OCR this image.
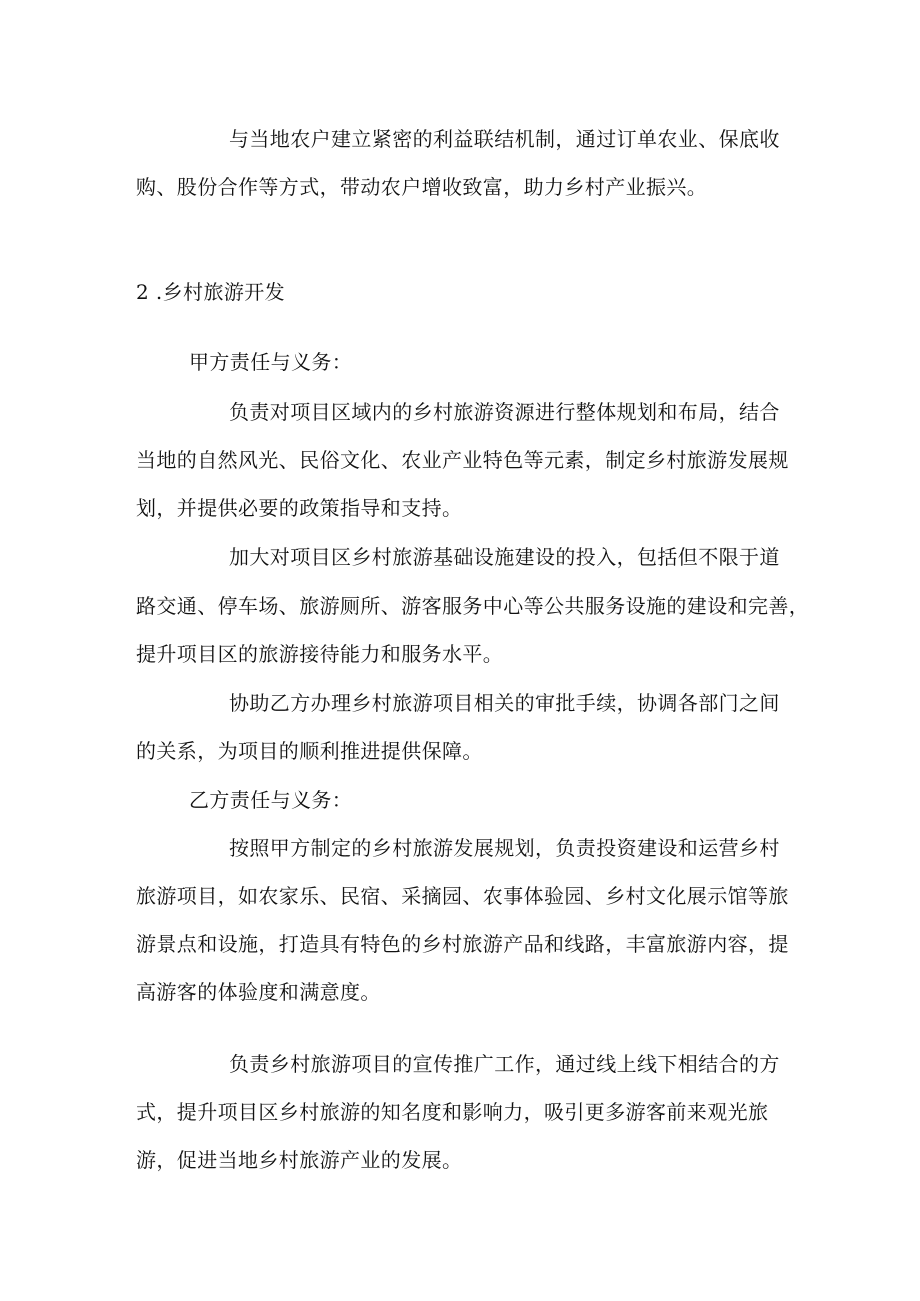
与当地农户建立紧密的利益联结机制，通过订单农业、保底收
购、股份合作等方式，带动农户增收致富，助力乡村产业振兴。
2 .乡村旅游开发
甲方责任与义务：
负责对项目区域内的乡村旅游资源进行整体规划和布局，结合
当地的自然风光、民俗文化、农业产业特色等元素，制定乡村旅游发展规
划，并提供必要的政策指导和支持。
加大对项目区乡村旅游基础设施建设的投入，包括但不限于道
路交通、停车场、旅游厕所、游客服务中心等公共服务设施的建设和完善，
提升项目区的旅游接待能力和服务水平。
协助乙方办理乡村旅游项目相关的审批手续，协调各部门之间
的关系，为项目的顺利推进提供保障。
乙方责任与义务：
按照甲方制定的乡村旅游发展规划，负责投资建设和运营乡村
旅游项目，如农家乐、民宿、采摘园、农事体验园、乡村文化展示馆等旅
游景点和设施，打造具有特色的乡村旅游产品和线路，丰富旅游内容，提
高游客的体验度和满意度。
负责乡村旅游项目的宣传推广工作，通过线上线下相结合的方
式，提升项目区乡村旅游的知名度和影响力，吸引更多游客前来观光旅
游，促进当地乡村旅游产业的发展。
